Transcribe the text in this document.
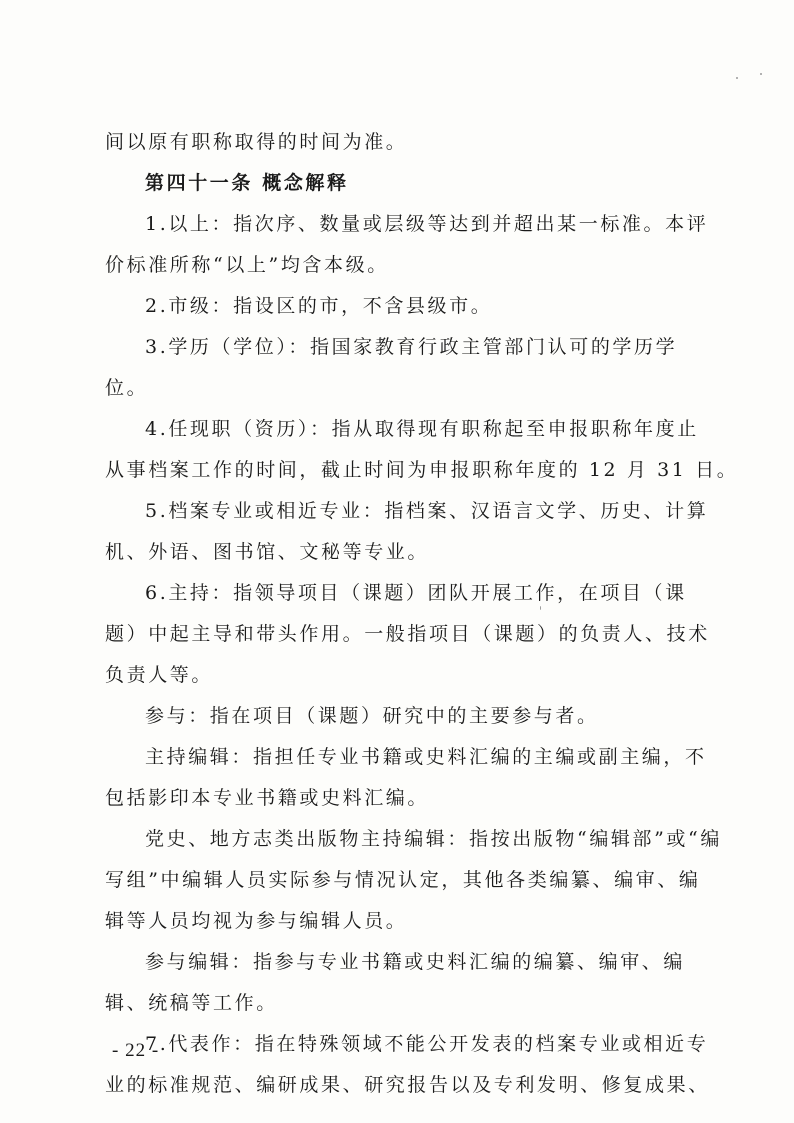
间以原有职称取得的时间为准。
第四十一条 概念解释
1.以上：指次序、数量或层级等达到并超出某一标准。本评
价标准所称“以上”均含本级。
2.市级：指设区的市，不含县级市。
3.学历（学位）：指国家教育行政主管部门认可的学历学
位。
4.任现职（资历）：指从取得现有职称起至申报职称年度止
从事档案工作的时间，截止时间为申报职称年度的 12 月 31 日。
5.档案专业或相近专业：指档案、汉语言文学、历史、计算
机、外语、图书馆、文秘等专业。
6.主持：指领导项目（课题）团队开展工作，在项目（课
题）中起主导和带头作用。一般指项目（课题）的负责人、技术
负责人等。
参与：指在项目（课题）研究中的主要参与者。
主持编辑：指担任专业书籍或史料汇编的主编或副主编，不
包括影印本专业书籍或史料汇编。
党史、地方志类出版物主持编辑：指按出版物“编辑部”或“编
写组”中编辑人员实际参与情况认定，其他各类编纂、编审、编
辑等人员均视为参与编辑人员。
参与编辑：指参与专业书籍或史料汇编的编纂、编审、编
辑、统稿等工作。
7.代表作：指在特殊领域不能公开发表的档案专业或相近专
业的标准规范、编研成果、研究报告以及专利发明、修复成果、
- 22 -
